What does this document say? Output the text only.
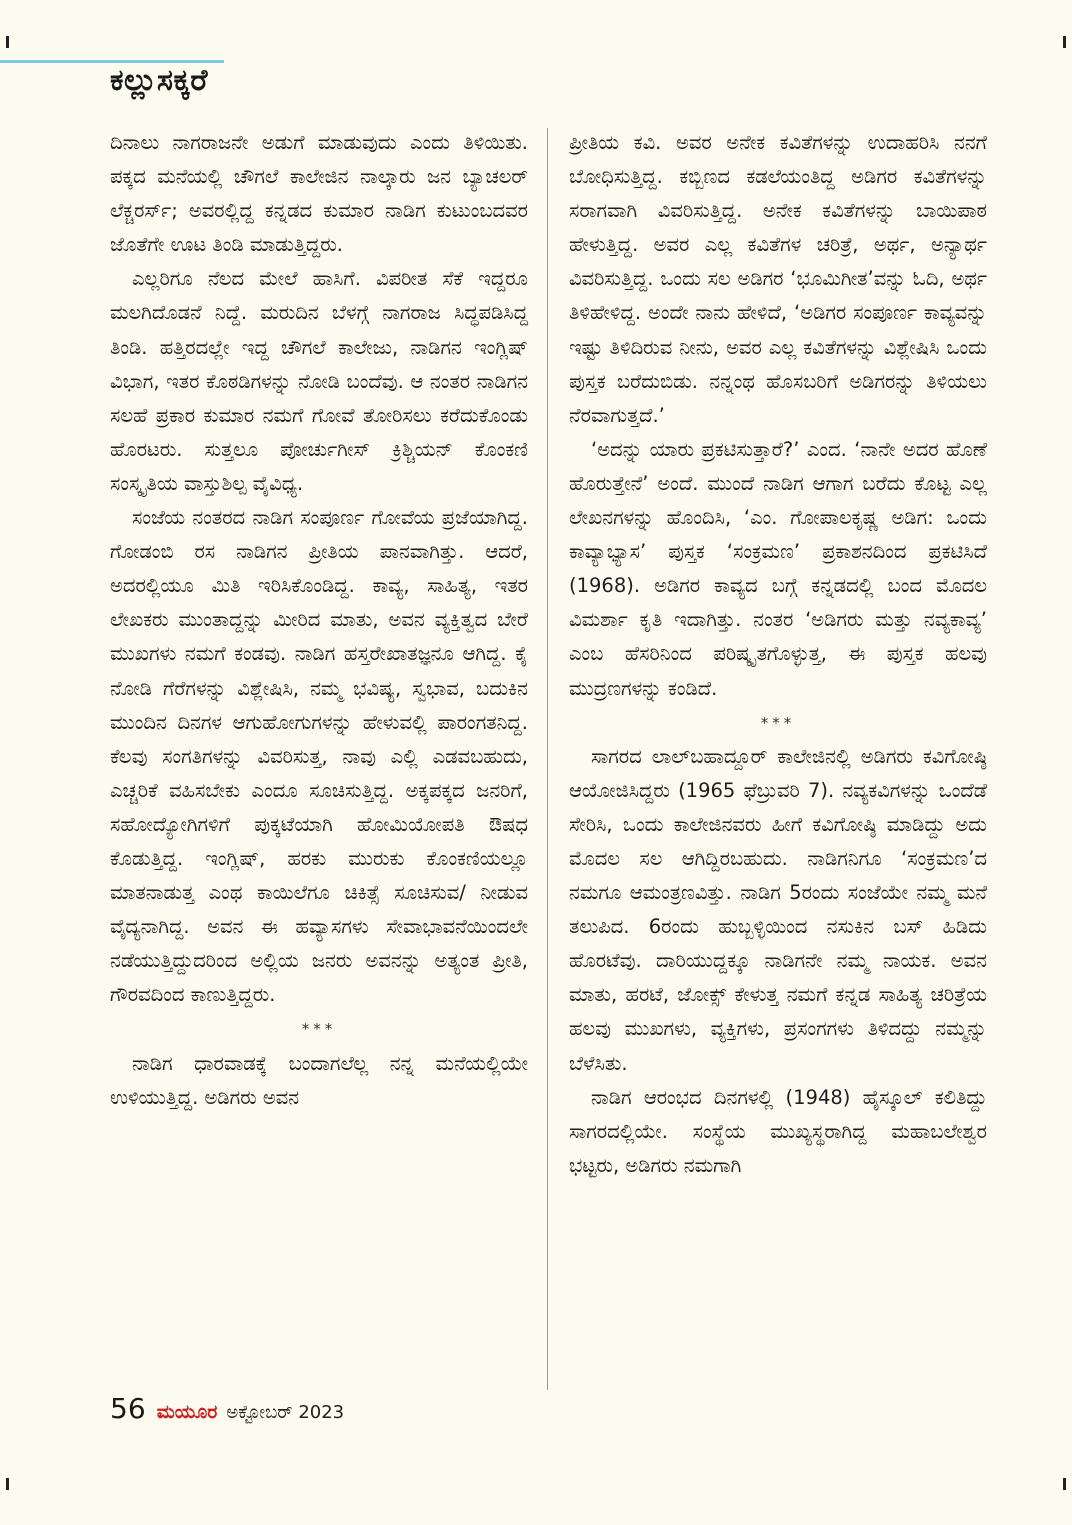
ಕಲ್ಲುಸಕ್ಕರೆ

ದಿನಾಲು ನಾಗರಾಜನೇ ಅಡುಗೆ ಮಾಡುವುದು ಎಂದು ತಿಳಿಯಿತು. ಪಕ್ಕದ ಮನೆಯಲ್ಲಿ ಚೌಗಲೆ ಕಾಲೇಜಿನ ನಾಲ್ಕಾರು ಜನ ಬ್ಯಾಚಲರ್ ಲೆಕ್ಚರರ್ಸ್; ಅವರಲ್ಲಿದ್ದ ಕನ್ನಡದ ಕುಮಾರ ನಾಡಿಗ ಕುಟುಂಬದವರ ಜೊತೆಗೇ ಊಟ ತಿಂಡಿ ಮಾಡುತ್ತಿದ್ದರು.

ಎಲ್ಲರಿಗೂ ನೆಲದ ಮೇಲೆ ಹಾಸಿಗೆ. ವಿಪರೀತ ಸೆಕೆ ಇದ್ದರೂ ಮಲಗಿದೊಡನೆ ನಿದ್ದೆ. ಮರುದಿನ ಬೆಳಗ್ಗೆ ನಾಗರಾಜ ಸಿದ್ಧಪಡಿಸಿದ್ದ ತಿಂಡಿ. ಹತ್ತಿರದಲ್ಲೇ ಇದ್ದ ಚೌಗಲೆ ಕಾಲೇಜು, ನಾಡಿಗನ ಇಂಗ್ಲಿಷ್ ವಿಭಾಗ, ಇತರ ಕೊಠಡಿಗಳನ್ನು ನೋಡಿ ಬಂದೆವು. ಆ ನಂತರ ನಾಡಿಗನ ಸಲಹೆ ಪ್ರಕಾರ ಕುಮಾರ ನಮಗೆ ಗೋವೆ ತೋರಿಸಲು ಕರೆದುಕೊಂಡು ಹೊರಟರು. ಸುತ್ತಲೂ ಪೋರ್ಚುಗೀಸ್ ಕ್ರಿಶ್ಚಿಯನ್ ಕೊಂಕಣಿ ಸಂಸ್ಕೃತಿಯ ವಾಸ್ತುಶಿಲ್ಪ ವೈವಿಧ್ಯ.

ಸಂಜೆಯ ನಂತರದ ನಾಡಿಗ ಸಂಪೂರ್ಣ ಗೋವೆಯ ಪ್ರಜೆಯಾಗಿದ್ದ. ಗೋಡಂಬಿ ರಸ ನಾಡಿಗನ ಪ್ರೀತಿಯ ಪಾನವಾಗಿತ್ತು. ಆದರೆ, ಅದರಲ್ಲಿಯೂ ಮಿತಿ ಇರಿಸಿಕೊಂಡಿದ್ದ. ಕಾವ್ಯ, ಸಾಹಿತ್ಯ, ಇತರ ಲೇಖಕರು ಮುಂತಾದ್ದನ್ನು ಮೀರಿದ ಮಾತು, ಅವನ ವ್ಯಕ್ತಿತ್ವದ ಬೇರೆ ಮುಖಗಳು ನಮಗೆ ಕಂಡವು. ನಾಡಿಗ ಹಸ್ತರೇಖಾತಜ್ಞನೂ ಆಗಿದ್ದ. ಕೈ ನೋಡಿ ಗೆರೆಗಳನ್ನು ವಿಶ್ಲೇಷಿಸಿ, ನಮ್ಮ ಭವಿಷ್ಯ, ಸ್ವಭಾವ, ಬದುಕಿನ ಮುಂದಿನ ದಿನಗಳ ಆಗುಹೋಗುಗಳನ್ನು ಹೇಳುವಲ್ಲಿ ಪಾರಂಗತನಿದ್ದ. ಕೆಲವು ಸಂಗತಿಗಳನ್ನು ವಿವರಿಸುತ್ತ, ನಾವು ಎಲ್ಲಿ ಎಡವಬಹುದು, ಎಚ್ಚರಿಕೆ ವಹಿಸಬೇಕು ಎಂದೂ ಸೂಚಿಸುತ್ತಿದ್ದ. ಅಕ್ಕಪಕ್ಕದ ಜನರಿಗೆ, ಸಹೋದ್ಯೋಗಿಗಳಿಗೆ ಪುಕ್ಕಟೆಯಾಗಿ ಹೋಮಿಯೋಪತಿ ಔಷಧ ಕೊಡುತ್ತಿದ್ದ. ಇಂಗ್ಲಿಷ್, ಹರಕು ಮುರುಕು ಕೊಂಕಣಿಯಲ್ಲೂ ಮಾತನಾಡುತ್ತ ಎಂಥ ಕಾಯಿಲೆಗೂ ಚಿಕಿತ್ಸೆ ಸೂಚಿಸುವ/ ನೀಡುವ ವೈದ್ಯನಾಗಿದ್ದ. ಅವನ ಈ ಹವ್ಯಾಸಗಳು ಸೇವಾಭಾವನೆಯಿಂದಲೇ ನಡೆಯುತ್ತಿದ್ದುದರಿಂದ ಅಲ್ಲಿಯ ಜನರು ಅವನನ್ನು ಅತ್ಯಂತ ಪ್ರೀತಿ, ಗೌರವದಿಂದ ಕಾಣುತ್ತಿದ್ದರು.

***

ನಾಡಿಗ ಧಾರವಾಡಕ್ಕೆ ಬಂದಾಗಲೆಲ್ಲ ನನ್ನ ಮನೆಯಲ್ಲಿಯೇ ಉಳಿಯುತ್ತಿದ್ದ. ಅಡಿಗರು ಅವನ

ಪ್ರೀತಿಯ ಕವಿ. ಅವರ ಅನೇಕ ಕವಿತೆಗಳನ್ನು ಉದಾಹರಿಸಿ ನನಗೆ ಬೋಧಿಸುತ್ತಿದ್ದ. ಕಬ್ಬಿಣದ ಕಡಲೆಯಂತಿದ್ದ ಅಡಿಗರ ಕವಿತೆಗಳನ್ನು ಸರಾಗವಾಗಿ ವಿವರಿಸುತ್ತಿದ್ದ. ಅನೇಕ ಕವಿತೆಗಳನ್ನು ಬಾಯಿಪಾಠ ಹೇಳುತ್ತಿದ್ದ. ಅವರ ಎಲ್ಲ ಕವಿತೆಗಳ ಚರಿತ್ರೆ, ಅರ್ಥ, ಅನ್ಯಾರ್ಥ ವಿವರಿಸುತ್ತಿದ್ದ. ಒಂದು ಸಲ ಅಡಿಗರ ‘ಭೂಮಿಗೀತ’ವನ್ನು ಓದಿ, ಅರ್ಥ ತಿಳಿಹೇಳಿದ್ದ. ಅಂದೇ ನಾನು ಹೇಳಿದೆ, ‘ಅಡಿಗರ ಸಂಪೂರ್ಣ ಕಾವ್ಯವನ್ನು ಇಷ್ಟು ತಿಳಿದಿರುವ ನೀನು, ಅವರ ಎಲ್ಲ ಕವಿತೆಗಳನ್ನು ವಿಶ್ಲೇಷಿಸಿ ಒಂದು ಪುಸ್ತಕ ಬರೆದುಬಿಡು. ನನ್ನಂಥ ಹೊಸಬರಿಗೆ ಅಡಿಗರನ್ನು ತಿಳಿಯಲು ನೆರವಾಗುತ್ತದೆ.’

‘ಅದನ್ನು ಯಾರು ಪ್ರಕಟಿಸುತ್ತಾರೆ?’ ಎಂದ. ‘ನಾನೇ ಅದರ ಹೊಣೆ ಹೊರುತ್ತೇನೆ’ ಅಂದೆ. ಮುಂದೆ ನಾಡಿಗ ಆಗಾಗ ಬರೆದು ಕೊಟ್ಟ ಎಲ್ಲ ಲೇಖನಗಳನ್ನು ಹೊಂದಿಸಿ, ‘ಎಂ. ಗೋಪಾಲಕೃಷ್ಣ ಅಡಿಗ: ಒಂದು ಕಾವ್ಯಾಭ್ಯಾಸ’ ಪುಸ್ತಕ ‘ಸಂಕ್ರಮಣ’ ಪ್ರಕಾಶನದಿಂದ ಪ್ರಕಟಿಸಿದೆ (1968). ಅಡಿಗರ ಕಾವ್ಯದ ಬಗ್ಗೆ ಕನ್ನಡದಲ್ಲಿ ಬಂದ ಮೊದಲ ವಿಮರ್ಶಾ ಕೃತಿ ಇದಾಗಿತ್ತು. ನಂತರ ‘ಅಡಿಗರು ಮತ್ತು ನವ್ಯಕಾವ್ಯ’ ಎಂಬ ಹೆಸರಿನಿಂದ ಪರಿಷ್ಕೃತಗೊಳ್ಳುತ್ತ, ಈ ಪುಸ್ತಕ ಹಲವು ಮುದ್ರಣಗಳನ್ನು ಕಂಡಿದೆ.

***

ಸಾಗರದ ಲಾಲ್‌ಬಹಾದ್ದೂರ್ ಕಾಲೇಜಿನಲ್ಲಿ ಅಡಿಗರು ಕವಿಗೋಷ್ಠಿ ಆಯೋಜಿಸಿದ್ದರು (1965 ಫೆಬ್ರುವರಿ 7). ನವ್ಯಕವಿಗಳನ್ನು ಒಂದೆಡೆ ಸೇರಿಸಿ, ಒಂದು ಕಾಲೇಜಿನವರು ಹೀಗೆ ಕವಿಗೋಷ್ಠಿ ಮಾಡಿದ್ದು ಅದು ಮೊದಲ ಸಲ ಆಗಿದ್ದಿರಬಹುದು. ನಾಡಿಗನಿಗೂ ‘ಸಂಕ್ರಮಣ’ದ ನಮಗೂ ಆಮಂತ್ರಣವಿತ್ತು. ನಾಡಿಗ 5ರಂದು ಸಂಜೆಯೇ ನಮ್ಮ ಮನೆ ತಲುಪಿದ. 6ರಂದು ಹುಬ್ಬಳ್ಳಿಯಿಂದ ನಸುಕಿನ ಬಸ್ ಹಿಡಿದು ಹೊರಟೆವು. ದಾರಿಯುದ್ದಕ್ಕೂ ನಾಡಿಗನೇ ನಮ್ಮ ನಾಯಕ. ಅವನ ಮಾತು, ಹರಟೆ, ಜೋಕ್ಸ್ ಕೇಳುತ್ತ ನಮಗೆ ಕನ್ನಡ ಸಾಹಿತ್ಯ ಚರಿತ್ರೆಯ ಹಲವು ಮುಖಗಳು, ವ್ಯಕ್ತಿಗಳು, ಪ್ರಸಂಗಗಳು ತಿಳಿದದ್ದು ನಮ್ಮನ್ನು ಬೆಳೆಸಿತು.

ನಾಡಿಗ ಆರಂಭದ ದಿನಗಳಲ್ಲಿ (1948) ಹೈಸ್ಕೂಲ್ ಕಲಿತಿದ್ದು ಸಾಗರದಲ್ಲಿಯೇ. ಸಂಸ್ಥೆಯ ಮುಖ್ಯಸ್ಥರಾಗಿದ್ದ ಮಹಾಬಲೇಶ್ವರ ಭಟ್ಟರು, ಅಡಿಗರು ನಮಗಾಗಿ

56 ಮಯೂರ ಅಕ್ಟೋಬರ್ 2023
